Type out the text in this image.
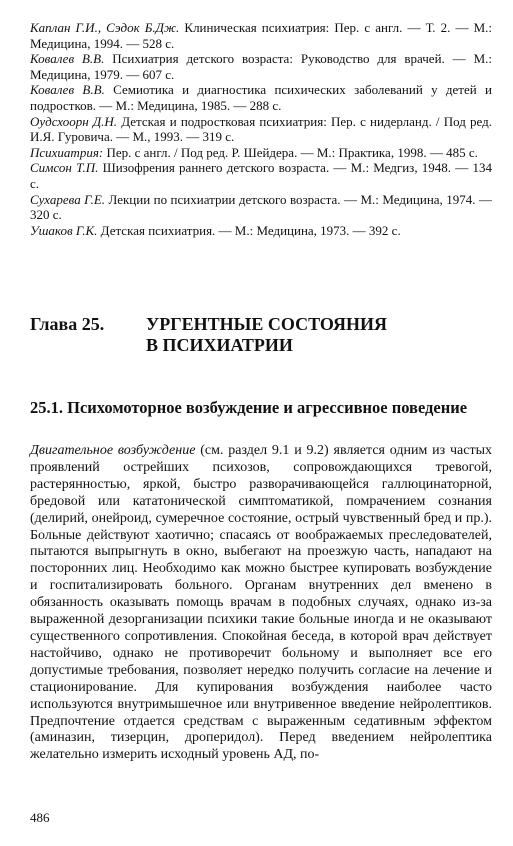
Каплан Г.И., Сэдок Б.Дж. Клиническая психиатрия: Пер. с англ. — Т. 2. — М.: Медицина, 1994. — 528 с.

Ковалев В.В. Психиатрия детского возраста: Руководство для врачей. — М.: Медицина, 1979. — 607 с.

Ковалев В.В. Семиотика и диагностика психических заболеваний у детей и подростков. — М.: Медицина, 1985. — 288 с.

Оудсхоорн Д.Н. Детская и подростковая психиатрия: Пер. с нидерланд. / Под ред. И.Я. Гуровича. — М., 1993. — 319 с.

Психиатрия: Пер. с англ. / Под ред. Р. Шейдера. — М.: Практика, 1998. — 485 с.

Симсон Т.П. Шизофрения раннего детского возраста. — М.: Медгиз, 1948. — 134 с.

Сухарева Г.Е. Лекции по психиатрии детского возраста. — М.: Медицина, 1974. — 320 с.

Ушаков Г.К. Детская психиатрия. — М.: Медицина, 1973. — 392 с.

Глава 25. УРГЕНТНЫЕ СОСТОЯНИЯ
В ПСИХИАТРИИ
25.1. Психомоторное возбуждение и агрессивное поведение

Двигательное возбуждение (см. раздел 9.1 и 9.2) является одним из частых проявлений острейших психозов, сопровождающихся тревогой, растерянностью, яркой, быстро разворачивающейся галлюцинаторной, бредовой или кататонической симптоматикой, помрачением сознания (делирий, онейроид, сумеречное состояние, острый чувственный бред и пр.). Больные действуют хаотично; спасаясь от воображаемых преследователей, пытаются выпрыгнуть в окно, выбегают на проезжую часть, нападают на посторонних лиц. Необходимо как можно быстрее купировать возбуждение и госпитализировать больного. Органам внутренних дел вменено в обязанность оказывать помощь врачам в подобных случаях, однако из-за выраженной дезорганизации психики такие больные иногда и не оказывают существенного сопротивления. Спокойная беседа, в которой врач действует настойчиво, однако не противоречит больному и выполняет все его допустимые требования, позволяет нередко получить согласие на лечение и стационирование. Для купирования возбуждения наиболее часто используются внутримышечное или внутривенное введение нейролептиков. Предпочтение отдается средствам с выраженным седативным эффектом (аминазин, тизерцин, дроперидол). Перед введением нейролептика желательно измерить исходный уровень АД, по-

486
